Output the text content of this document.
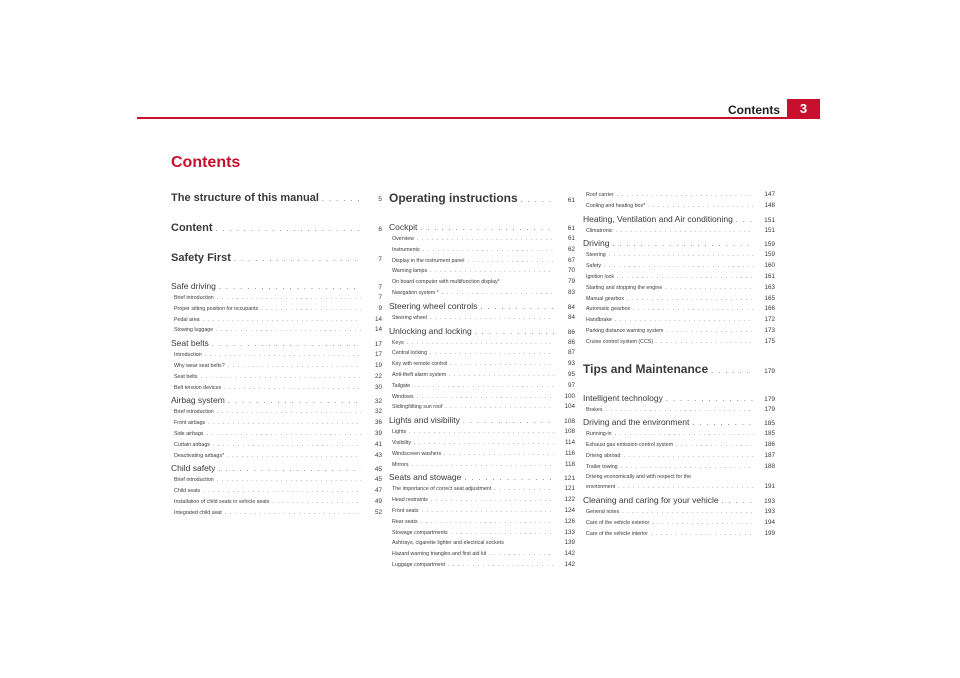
Contents	3
Contents
The structure of this manual . . .	5
Content . . .	6
Safety First . . .	7
Safe driving . . .	7
Brief introduction . . .	7
Proper sitting position for occupants . . .	9
Pedal area . . .	14
Stowing luggage . . .	14
Seat belts . . .	17
Introduction . . .	17
Why wear seat belts? . . .	19
Seat belts . . .	22
Belt tension devices . . .	30
Airbag system . . .	32
Brief introduction . . .	32
Front airbags . . .	36
Side airbags . . .	39
Curtain airbags . . .	41
Deactivating airbags* . . .	43
Child safety . . .	45
Brief introduction . . .	45
Child seats . . .	47
Installation of child seats in vehicle seats . . .	49
Integrated child seat . . .	52
Operating instructions . . .	61
Cockpit . . .	61
Overview . . .	61
Instruments . . .	62
Display in the instrument panel . . .	67
Warning lamps . . .	70
On board computer with multifunction display*	79
Navigation system * . . .	83
Steering wheel controls . . .	84
Steering wheel . . .	84
Unlocking and locking . . .	86
Keys . . .	86
Central locking . . .	87
Key with remote control . . .	93
Anti-theft alarm system . . .	95
Tailgate . . .	97
Windows . . .	100
Sliding/tilting sun roof . . .	104
Lights and visibility . . .	108
Lights . . .	108
Visibility . . .	114
Windscreen washers . . .	116
Mirrors . . .	118
Seats and stowage . . .	121
The importance of correct seat adjustment . . .	121
Head restraints . . .	122
Front seats . . .	124
Rear seats . . .	126
Stowage compartments . . .	133
Ashtrays, cigarette lighter and electrical sockets	139
Hazard warning triangles and first aid kit . . .	142
Luggage compartment . . .	142
Roof carrier . . .	147
Cooling and heating box* . . .	148
Heating, Ventilation and Air conditioning . . .	151
Climatronic . . .	151
Driving . . .	159
Steering . . .	159
Safety . . .	160
Ignition lock . . .	161
Starting and stopping the engine . . .	163
Manual gearbox . . .	165
Automatic gearbox . . .	166
Handbrake . . .	172
Parking distance warning system . . .	173
Cruise control system (CCS) . . .	175
Tips and Maintenance . . .	179
Intelligent technology . . .	179
Brakes . . .	179
Driving and the environment . . .	185
Running-in . . .	185
Exhaust gas emission control system . . .	186
Driving abroad . . .	187
Trailer towing . . .	188
Driving economically and with respect for the
environment . . .	191
Cleaning and caring for your vehicle . . .	193
General notes . . .	193
Care of the vehicle exterior . . .	194
Care of the vehicle interior . . .	199
